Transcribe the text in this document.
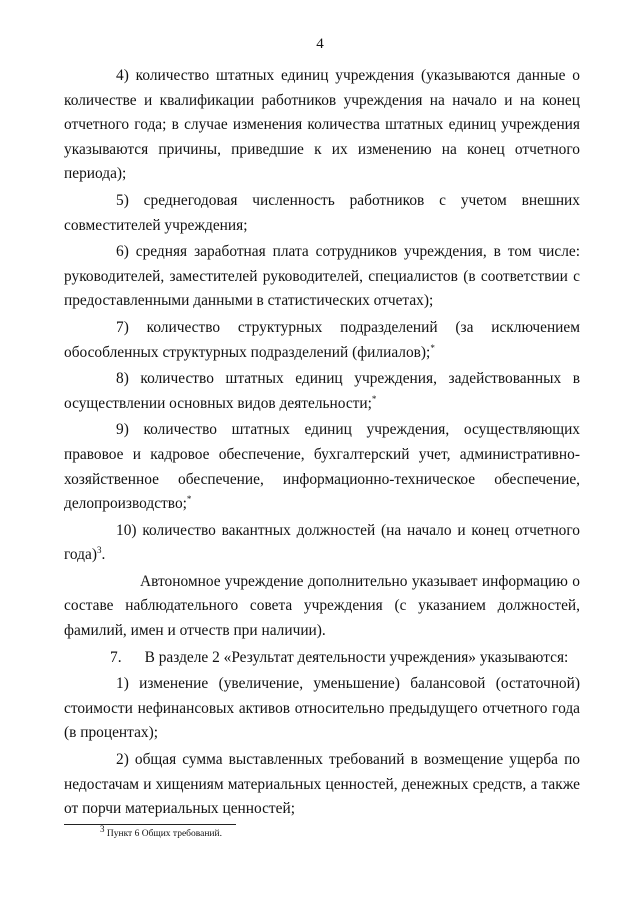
4

4) количество штатных единиц учреждения (указываются данные о количестве и квалификации работников учреждения на начало и на конец отчетного года; в случае изменения количества штатных единиц учреждения указываются причины, приведшие к их изменению на конец отчетного периода);

5) среднегодовая численность работников с учетом внешних совместителей учреждения;

6) средняя заработная плата сотрудников учреждения, в том числе: руководителей, заместителей руководителей, специалистов (в соответствии с предоставленными данными в статистических отчетах);

7) количество структурных подразделений (за исключением обособленных структурных подразделений (филиалов);*

8) количество штатных единиц учреждения, задействованных в осуществлении основных видов деятельности;*

9) количество штатных единиц учреждения, осуществляющих правовое и кадровое обеспечение, бухгалтерский учет, административно-хозяйственное обеспечение, информационно-техническое обеспечение, делопроизводство;*

10) количество вакантных должностей (на начало и конец отчетного года)$^3$.

Автономное учреждение дополнительно указывает информацию о составе наблюдательного совета учреждения (с указанием должностей, фамилий, имен и отчеств при наличии).

7.      В разделе 2 «Результат деятельности учреждения» указываются:

1) изменение (увеличение, уменьшение) балансовой (остаточной) стоимости нефинансовых активов относительно предыдущего отчетного года (в процентах);

2) общая сумма выставленных требований в возмещение ущерба по недостачам и хищениям материальных ценностей, денежных средств, а также от порчи материальных ценностей;

3 Пункт 6 Общих требований.
